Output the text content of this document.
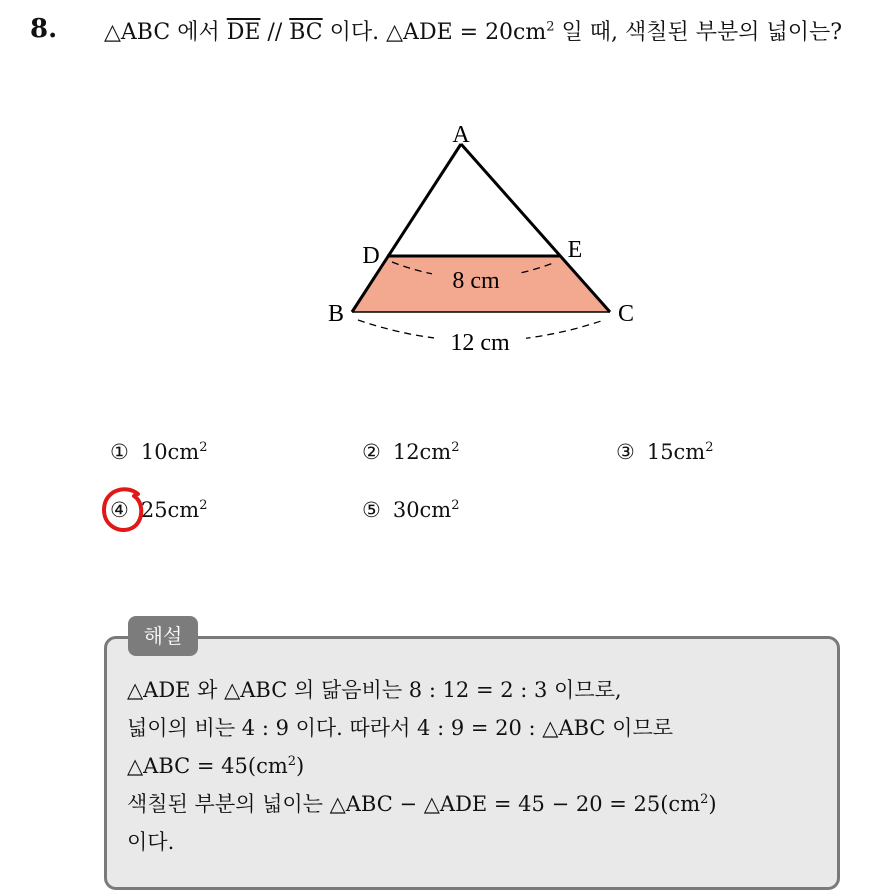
8. △ABC 에서 $\overline{DE} // \overline{BC}$ 이다. △ADE = $20cm^2$ 일 때, 색칠된 부분의 넓이는?
A
D	E
B	C
8 cm
12 cm
① $10cm^2$	② $12cm^2$	③ $15cm^2$
④ $25cm^2$	⑤ $30cm^2$
△ADE 와 △ABC 의 닮음비는 8 : 12 = 2 : 3 이므로,
넓이의 비는 4 : 9 이다. 따라서 4 : 9 = 20 : △ABC 이므로
△ABC = $45(cm^2)$
색칠된 부분의 넓이는 △ABC − △ADE = $45 - 20 = 25(cm^2)$
이다.
해설
